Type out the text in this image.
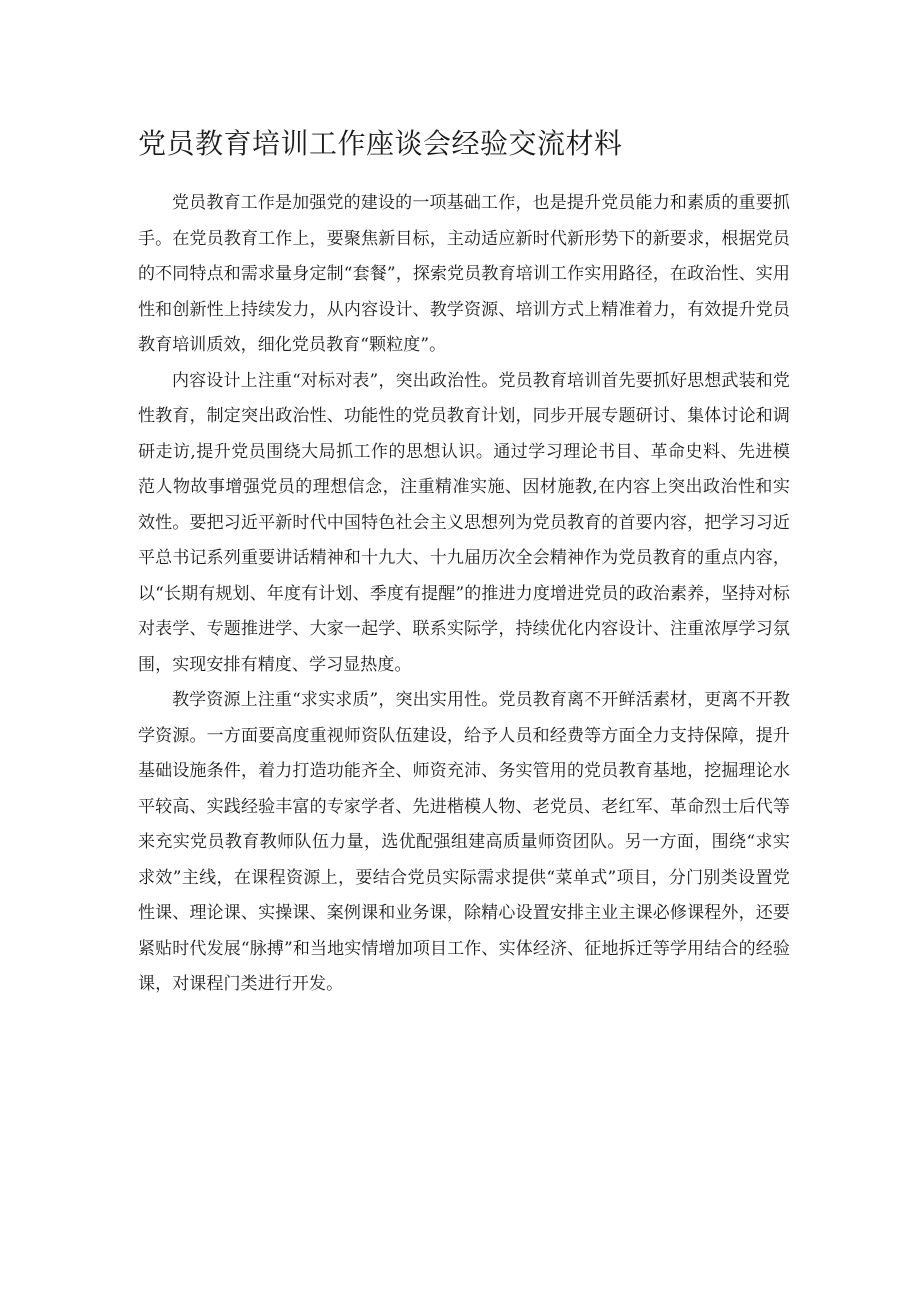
党员教育培训工作座谈会经验交流材料

党员教育工作是加强党的建设的一项基础工作，也是提升党员能力和素质的重要抓手。在党员教育工作上，要聚焦新目标，主动适应新时代新形势下的新要求，根据党员的不同特点和需求量身定制“套餐”，探索党员教育培训工作实用路径，在政治性、实用性和创新性上持续发力，从内容设计、教学资源、培训方式上精准着力，有效提升党员教育培训质效，细化党员教育“颗粒度”。

内容设计上注重“对标对表”，突出政治性。党员教育培训首先要抓好思想武装和党性教育，制定突出政治性、功能性的党员教育计划，同步开展专题研讨、集体讨论和调研走访,提升党员围绕大局抓工作的思想认识。通过学习理论书目、革命史料、先进模范人物故事增强党员的理想信念，注重精准实施、因材施教,在内容上突出政治性和实效性。要把习近平新时代中国特色社会主义思想列为党员教育的首要内容，把学习习近平总书记系列重要讲话精神和十九大、十九届历次全会精神作为党员教育的重点内容，以“长期有规划、年度有计划、季度有提醒”的推进力度增进党员的政治素养，坚持对标对表学、专题推进学、大家一起学、联系实际学，持续优化内容设计、注重浓厚学习氛围，实现安排有精度、学习显热度。

教学资源上注重“求实求质”，突出实用性。党员教育离不开鲜活素材，更离不开教学资源。一方面要高度重视师资队伍建设，给予人员和经费等方面全力支持保障，提升基础设施条件，着力打造功能齐全、师资充沛、务实管用的党员教育基地，挖掘理论水平较高、实践经验丰富的专家学者、先进楷模人物、老党员、老红军、革命烈士后代等来充实党员教育教师队伍力量，选优配强组建高质量师资团队。另一方面，围绕“求实求效”主线，在课程资源上，要结合党员实际需求提供“菜单式”项目，分门别类设置党性课、理论课、实操课、案例课和业务课，除精心设置安排主业主课必修课程外，还要紧贴时代发展“脉搏”和当地实情增加项目工作、实体经济、征地拆迁等学用结合的经验课，对课程门类进行开发。
